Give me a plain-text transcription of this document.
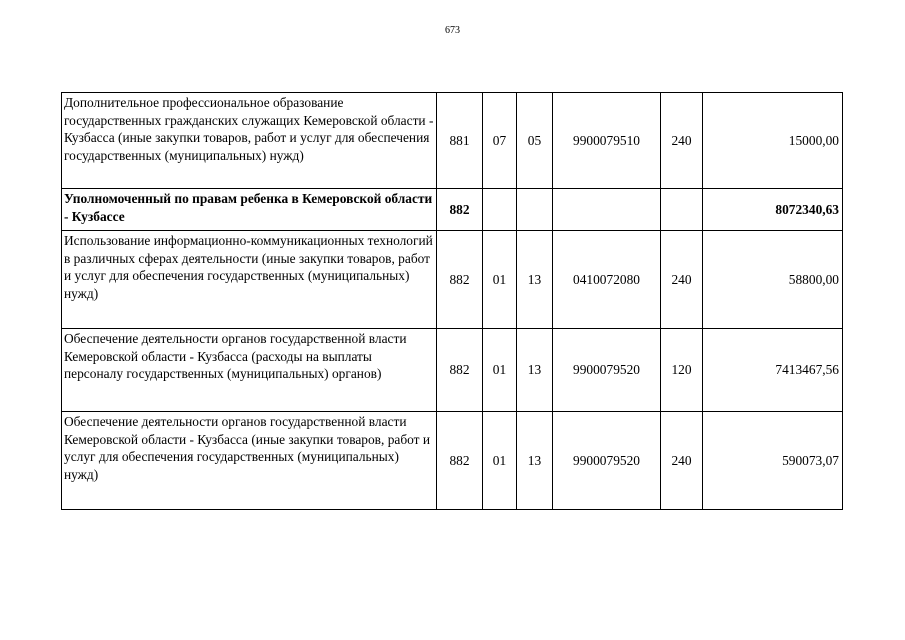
673
Дополнительное профессиональное образование государственных гражданских служащих Кемеровской области - Кузбасса (иные закупки товаров, работ и услуг для обеспечения государственных (муниципальных) нужд)	881	07	05	9900079510	240	15000,00
Уполномоченный по правам ребенка в Кемеровской области - Кузбассе	882					8072340,63
Использование информационно-коммуникационных технологий в различных сферах деятельности (иные закупки товаров, работ и услуг для обеспечения государственных (муниципальных) нужд)	882	01	13	0410072080	240	58800,00
Обеспечение деятельности органов государственной власти Кемеровской области - Кузбасса (расходы на выплаты персоналу государственных (муниципальных) органов)	882	01	13	9900079520	120	7413467,56
Обеспечение деятельности органов государственной власти Кемеровской области - Кузбасса (иные закупки товаров, работ и услуг для обеспечения государственных (муниципальных) нужд)	882	01	13	9900079520	240	590073,07
